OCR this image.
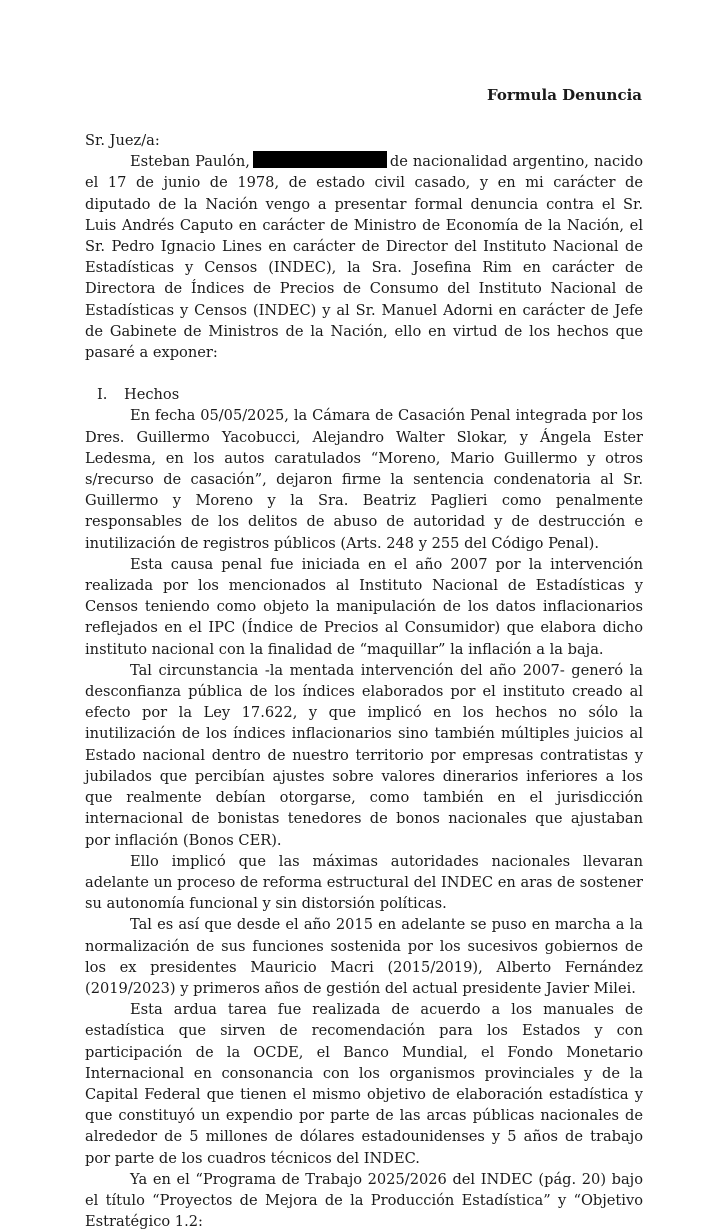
Formula Denuncia

Sr. Juez/a:

Esteban Paulón,	de nacionalidad argentino, nacido el 17 de junio de 1978, de estado civil casado, y en mi carácter de diputado de la Nación vengo a presentar formal denuncia contra el Sr. Luis Andrés Caputo en carácter de Ministro de Economía de la Nación, el Sr. Pedro Ignacio Lines en carácter de Director del Instituto Nacional de Estadísticas y Censos (INDEC), la Sra. Josefina Rim en carácter de Directora de Índices de Precios de Consumo del Instituto Nacional de Estadísticas y Censos (INDEC) y al Sr. Manuel Adorni en carácter de Jefe de Gabinete de Ministros de la Nación, ello en virtud de los hechos que pasaré a exponer:

I.	Hechos

En fecha 05/05/2025, la Cámara de Casación Penal integrada por los Dres. Guillermo Yacobucci, Alejandro Walter Slokar, y Ángela Ester Ledesma, en los autos caratulados “Moreno, Mario Guillermo y otros s/recurso de casación”, dejaron firme la sentencia condenatoria al Sr. Guillermo y Moreno y la Sra. Beatriz Paglieri como penalmente responsables de los delitos de abuso de autoridad y de destrucción e inutilización de registros públicos (Arts. 248 y 255 del Código Penal).

Esta causa penal fue iniciada en el año 2007 por la intervención realizada por los mencionados al Instituto Nacional de Estadísticas y Censos teniendo como objeto la manipulación de los datos inflacionarios reflejados en el IPC (Índice de Precios al Consumidor) que elabora dicho instituto nacional con la finalidad de “maquillar” la inflación a la baja.

Tal circunstancia -la mentada intervención del año 2007- generó la desconfianza pública de los índices elaborados por el instituto creado al efecto por la Ley 17.622, y que implicó en los hechos no sólo la inutilización de los índices inflacionarios sino también múltiples juicios al Estado nacional dentro de nuestro territorio por empresas contratistas y jubilados que percibían ajustes sobre valores dinerarios inferiores a los que realmente debían otorgarse, como también en el jurisdicción internacional de bonistas tenedores de bonos nacionales que ajustaban por inflación (Bonos CER).

Ello implicó que las máximas autoridades nacionales llevaran adelante un proceso de reforma estructural del INDEC en aras de sostener su autonomía funcional y sin distorsión políticas.

Tal es así que desde el año 2015 en adelante se puso en marcha a la normalización de sus funciones sostenida por los sucesivos gobiernos de los ex presidentes Mauricio Macri (2015/2019), Alberto Fernández (2019/2023) y primeros años de gestión del actual presidente Javier Milei.

Esta ardua tarea fue realizada de acuerdo a los manuales de estadística que sirven de recomendación para los Estados y con participación de la OCDE, el Banco Mundial, el Fondo Monetario Internacional en consonancia con los organismos provinciales y de la Capital Federal que tienen el mismo objetivo de elaboración estadística y que constituyó un expendio por parte de las arcas públicas nacionales de alrededor de 5 millones de dólares estadounidenses y 5 años de trabajo por parte de los cuadros técnicos del INDEC.

Ya en el “Programa de Trabajo 2025/2026 del INDEC (pág. 20) bajo el título “Proyectos de Mejora de la Producción Estadística” y “Objetivo Estratégico 1.2:
